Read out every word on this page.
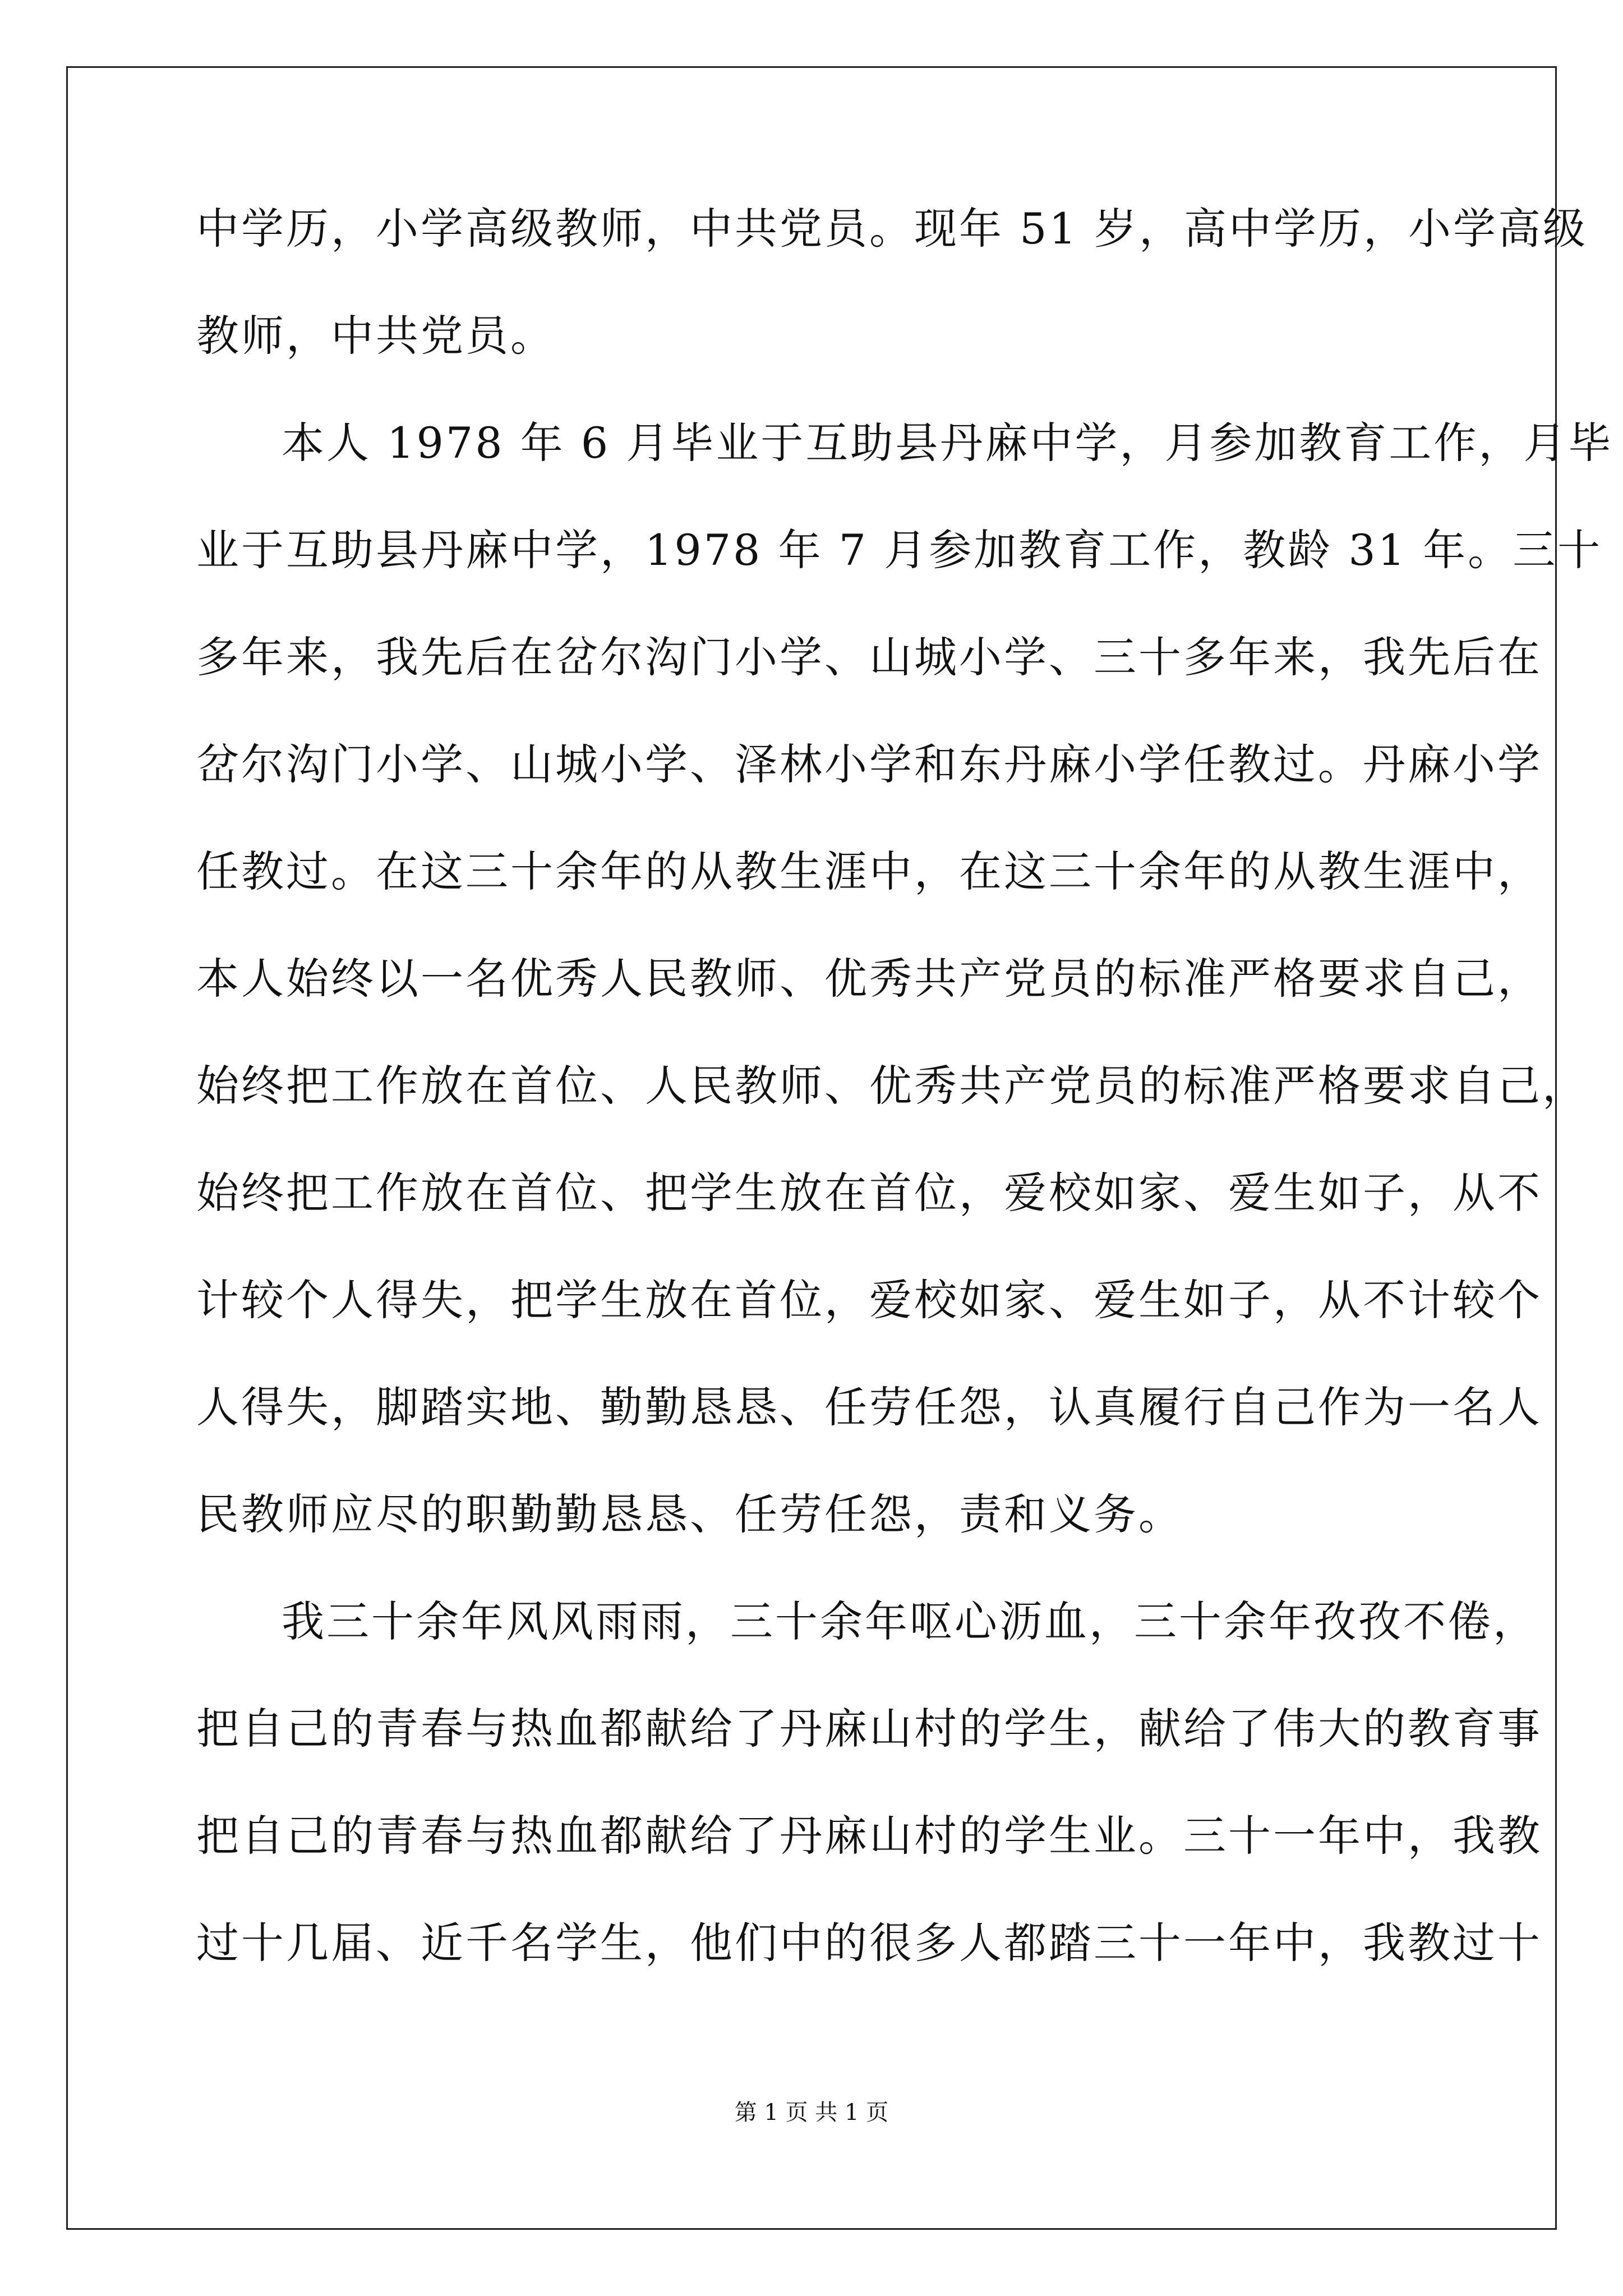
中学历，小学高级教师，中共党员。现年 51 岁，高中学历，小学高级
教师，中共党员。
本人 1978 年 6 月毕业于互助县丹麻中学，月参加教育工作，月毕
业于互助县丹麻中学，1978 年 7 月参加教育工作，教龄 31 年。三十
多年来，我先后在岔尔沟门小学、山城小学、三十多年来，我先后在
岔尔沟门小学、山城小学、泽林小学和东丹麻小学任教过。丹麻小学
任教过。在这三十余年的从教生涯中，在这三十余年的从教生涯中，
本人始终以一名优秀人民教师、优秀共产党员的标准严格要求自己，
始终把工作放在首位、人民教师、优秀共产党员的标准严格要求自己，
始终把工作放在首位、把学生放在首位，爱校如家、爱生如子，从不
计较个人得失，把学生放在首位，爱校如家、爱生如子，从不计较个
人得失，脚踏实地、勤勤恳恳、任劳任怨，认真履行自己作为一名人
民教师应尽的职勤勤恳恳、任劳任怨，责和义务。
我三十余年风风雨雨，三十余年呕心沥血，三十余年孜孜不倦，
把自己的青春与热血都献给了丹麻山村的学生，献给了伟大的教育事
把自己的青春与热血都献给了丹麻山村的学生业。三十一年中，我教
过十几届、近千名学生，他们中的很多人都踏三十一年中，我教过十
第 1 页 共 1 页
